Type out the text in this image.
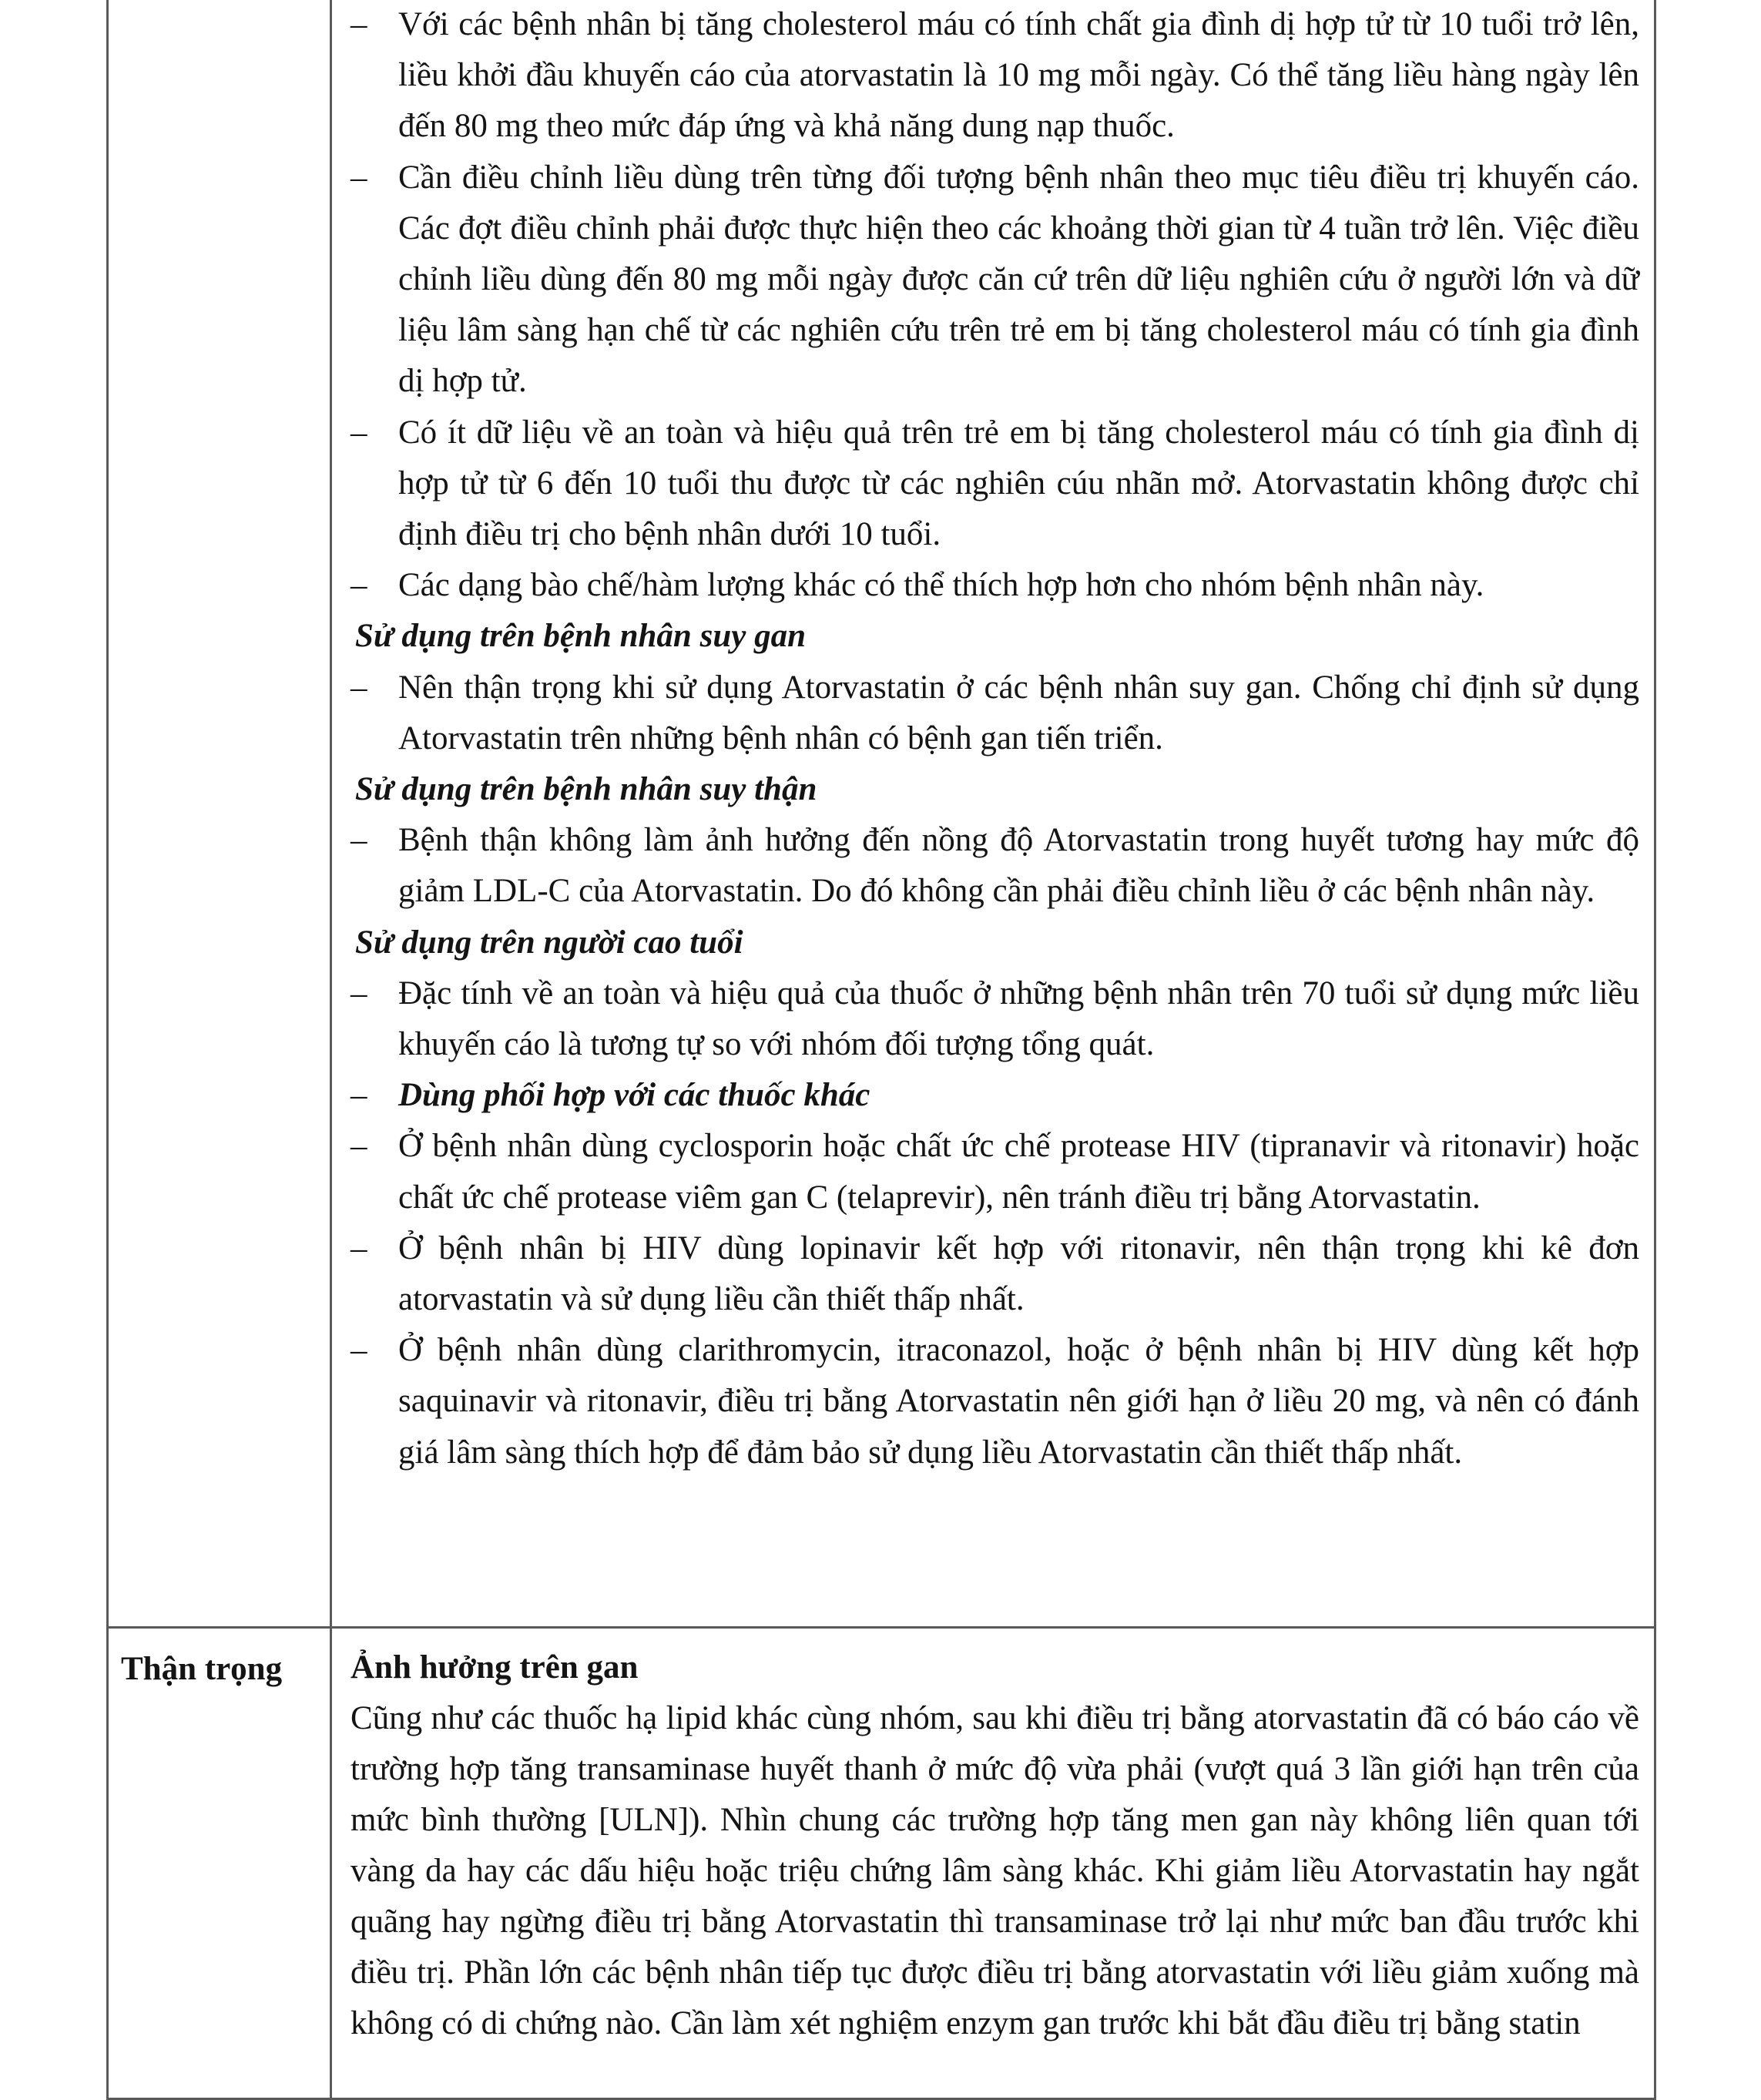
– Với các bệnh nhân bị tăng cholesterol máu có tính chất gia đình dị hợp tử từ 10 tuổi trở lên, liều khởi đầu khuyến cáo của atorvastatin là 10 mg mỗi ngày. Có thể tăng liều hàng ngày lên đến 80 mg theo mức đáp ứng và khả năng dung nạp thuốc.
– Cần điều chỉnh liều dùng trên từng đối tượng bệnh nhân theo mục tiêu điều trị khuyến cáo. Các đợt điều chỉnh phải được thực hiện theo các khoảng thời gian từ 4 tuần trở lên. Việc điều chỉnh liều dùng đến 80 mg mỗi ngày được căn cứ trên dữ liệu nghiên cứu ở người lớn và dữ liệu lâm sàng hạn chế từ các nghiên cứu trên trẻ em bị tăng cholesterol máu có tính gia đình dị hợp tử.
– Có ít dữ liệu về an toàn và hiệu quả trên trẻ em bị tăng cholesterol máu có tính gia đình dị hợp tử từ 6 đến 10 tuổi thu được từ các nghiên cúu nhãn mở. Atorvastatin không được chỉ định điều trị cho bệnh nhân dưới 10 tuổi.
– Các dạng bào chế/hàm lượng khác có thể thích hợp hơn cho nhóm bệnh nhân này.
Sử dụng trên bệnh nhân suy gan
– Nên thận trọng khi sử dụng Atorvastatin ở các bệnh nhân suy gan. Chống chỉ định sử dụng Atorvastatin trên những bệnh nhân có bệnh gan tiến triển.
Sử dụng trên bệnh nhân suy thận
– Bệnh thận không làm ảnh hưởng đến nồng độ Atorvastatin trong huyết tương hay mức độ giảm LDL-C của Atorvastatin. Do đó không cần phải điều chỉnh liều ở các bệnh nhân này.
Sử dụng trên người cao tuổi
– Đặc tính về an toàn và hiệu quả của thuốc ở những bệnh nhân trên 70 tuổi sử dụng mức liều khuyến cáo là tương tự so với nhóm đối tượng tổng quát.
– Dùng phối hợp với các thuốc khác
– Ở bệnh nhân dùng cyclosporin hoặc chất ức chế protease HIV (tipranavir và ritonavir) hoặc chất ức chế protease viêm gan C (telaprevir), nên tránh điều trị bằng Atorvastatin.
– Ở bệnh nhân bị HIV dùng lopinavir kết hợp với ritonavir, nên thận trọng khi kê đơn atorvastatin và sử dụng liều cần thiết thấp nhất.
– Ở bệnh nhân dùng clarithromycin, itraconazol, hoặc ở bệnh nhân bị HIV dùng kết hợp saquinavir và ritonavir, điều trị bằng Atorvastatin nên giới hạn ở liều 20 mg, và nên có đánh giá lâm sàng thích hợp để đảm bảo sử dụng liều Atorvastatin cần thiết thấp nhất.
Thận trọng	Ảnh hưởng trên gan
Cũng như các thuốc hạ lipid khác cùng nhóm, sau khi điều trị bằng atorvastatin đã có báo cáo về trường hợp tăng transaminase huyết thanh ở mức độ vừa phải (vượt quá 3 lần giới hạn trên của mức bình thường [ULN]). Nhìn chung các trường hợp tăng men gan này không liên quan tới vàng da hay các dấu hiệu hoặc triệu chứng lâm sàng khác. Khi giảm liều Atorvastatin hay ngắt quãng hay ngừng điều trị bằng Atorvastatin thì transaminase trở lại như mức ban đầu trước khi điều trị. Phần lớn các bệnh nhân tiếp tục được điều trị bằng atorvastatin với liều giảm xuống mà không có di chứng nào. Cần làm xét nghiệm enzym gan trước khi bắt đầu điều trị bằng statin
